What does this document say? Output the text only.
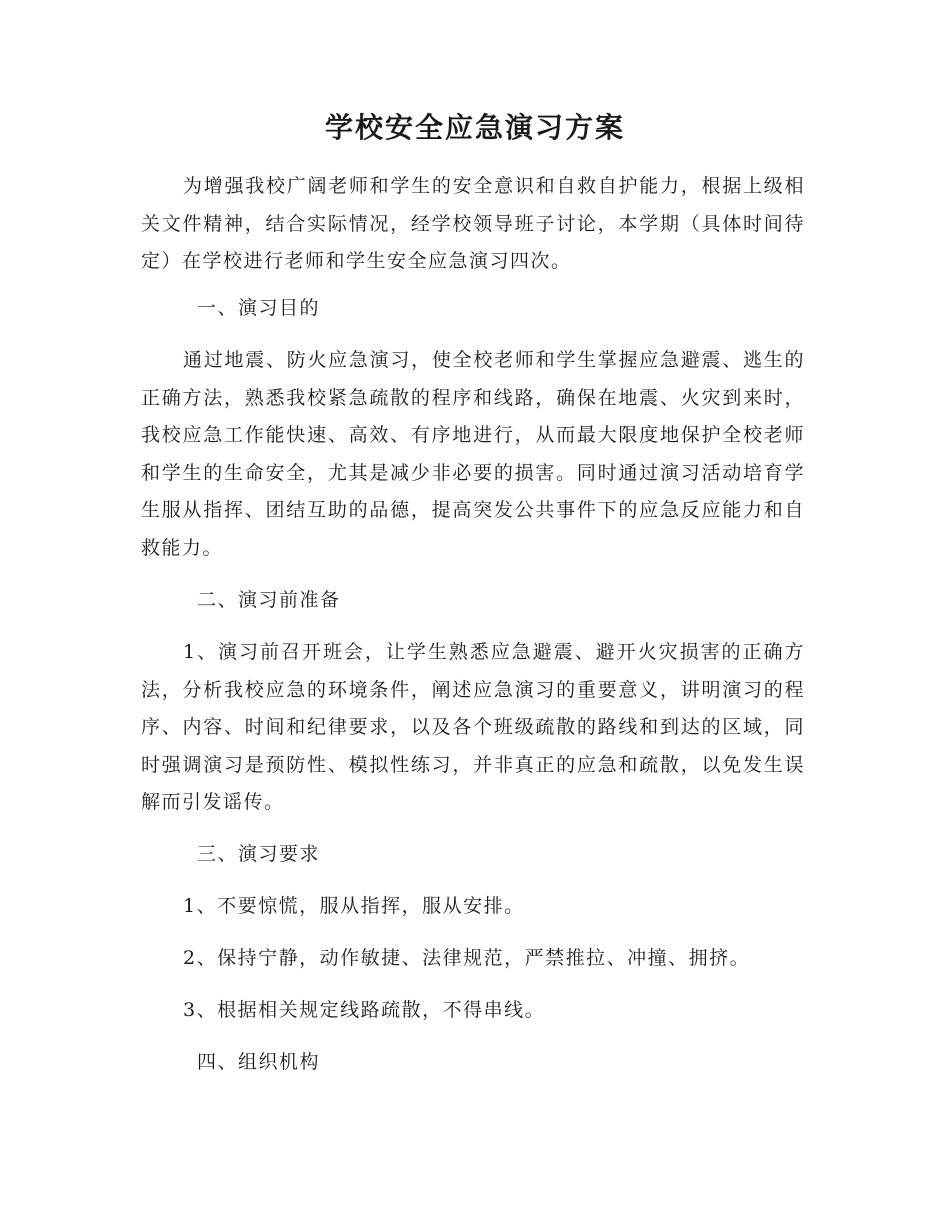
学校安全应急演习方案

为增强我校广阔老师和学生的安全意识和自救自护能力，根据上级相关文件精神，结合实际情况，经学校领导班子讨论，本学期（具体时间待定）在学校进行老师和学生安全应急演习四次。

一、演习目的

通过地震、防火应急演习，使全校老师和学生掌握应急避震、逃生的正确方法，熟悉我校紧急疏散的程序和线路，确保在地震、火灾到来时，我校应急工作能快速、高效、有序地进行，从而最大限度地保护全校老师和学生的生命安全，尤其是减少非必要的损害。同时通过演习活动培育学生服从指挥、团结互助的品德，提高突发公共事件下的应急反应能力和自救能力。

二、演习前准备

1、演习前召开班会，让学生熟悉应急避震、避开火灾损害的正确方法，分析我校应急的环境条件，阐述应急演习的重要意义，讲明演习的程序、内容、时间和纪律要求，以及各个班级疏散的路线和到达的区域，同时强调演习是预防性、模拟性练习，并非真正的应急和疏散，以免发生误解而引发谣传。

三、演习要求

1、不要惊慌，服从指挥，服从安排。

2、保持宁静，动作敏捷、法律规范，严禁推拉、冲撞、拥挤。

3、根据相关规定线路疏散，不得串线。

四、组织机构
